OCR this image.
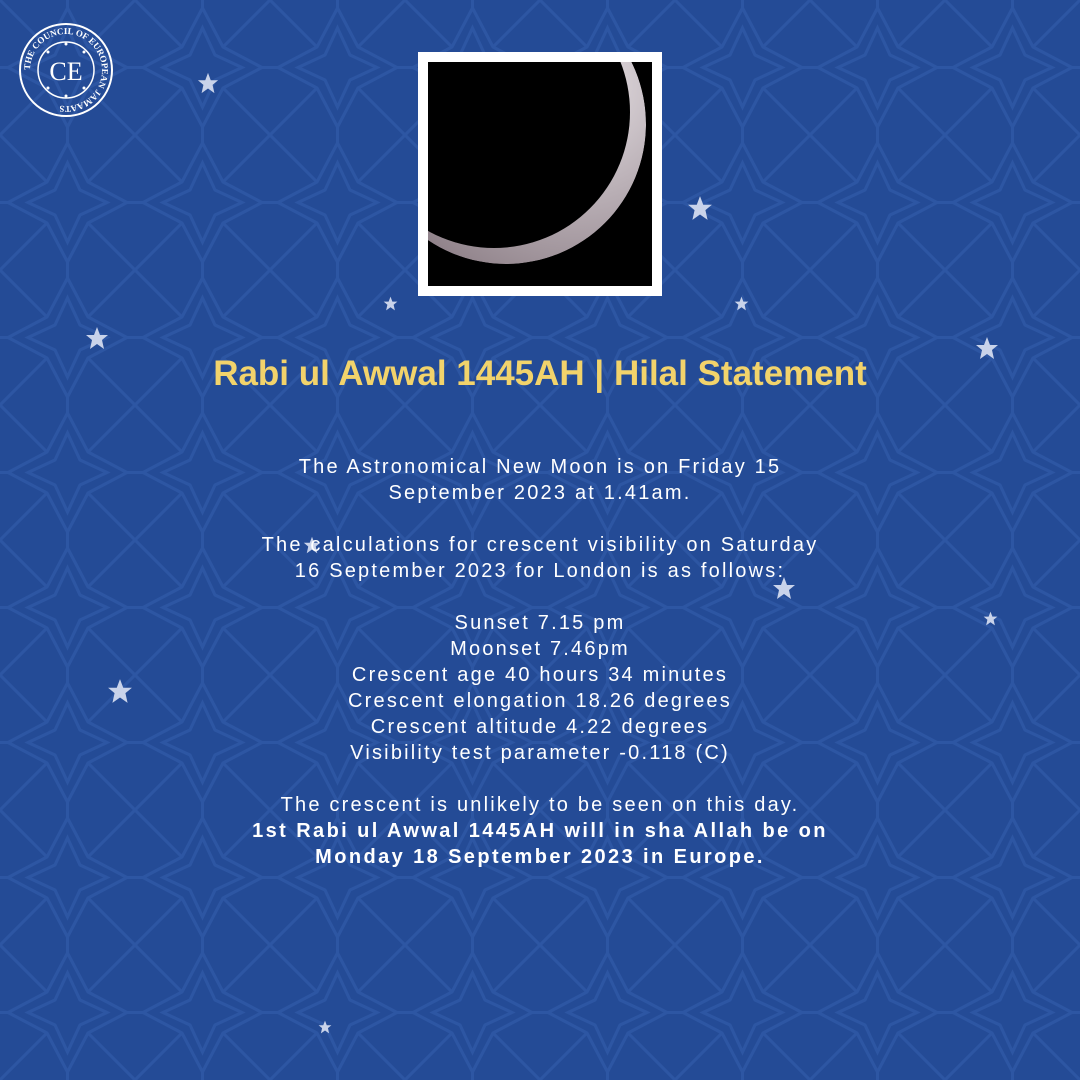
THE COUNCIL OF EUROPEAN JAMAATS
CE
Rabi ul Awwal 1445AH | Hilal Statement

The Astronomical New Moon is on Friday 15
September 2023 at 1.41am.

The calculations for crescent visibility on Saturday
16 September 2023 for London is as follows:

Sunset 7.15 pm
Moonset 7.46pm
Crescent age 40 hours 34 minutes
Crescent elongation 18.26 degrees
Crescent altitude 4.22 degrees
Visibility test parameter -0.118 (C)

The crescent is unlikely to be seen on this day.
1st Rabi ul Awwal 1445AH will in sha Allah be on
Monday 18 September 2023 in Europe.
